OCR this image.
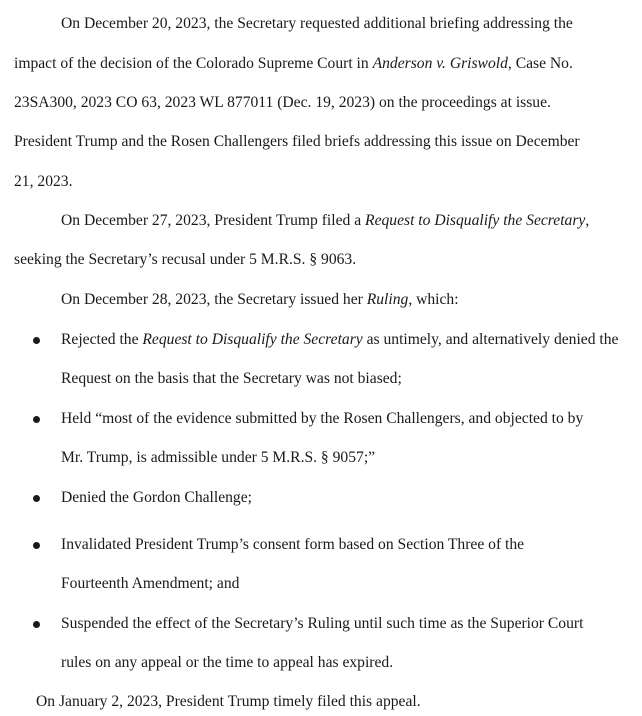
On December 20, 2023, the Secretary requested additional briefing addressing the
impact of the decision of the Colorado Supreme Court in Anderson v. Griswold, Case No.
23SA300, 2023 CO 63, 2023 WL 877011 (Dec. 19, 2023) on the proceedings at issue.
President Trump and the Rosen Challengers filed briefs addressing this issue on December
21, 2023.
On December 27, 2023, President Trump filed a Request to Disqualify the Secretary,
seeking the Secretary’s recusal under 5 M.R.S. § 9063.
On December 28, 2023, the Secretary issued her Ruling, which:
Rejected the Request to Disqualify the Secretary as untimely, and alternatively denied the
Request on the basis that the Secretary was not biased;
Held “most of the evidence submitted by the Rosen Challengers, and objected to by
Mr. Trump, is admissible under 5 M.R.S. § 9057;”
Denied the Gordon Challenge;
Invalidated President Trump’s consent form based on Section Three of the
Fourteenth Amendment; and
Suspended the effect of the Secretary’s Ruling until such time as the Superior Court
rules on any appeal or the time to appeal has expired.
On January 2, 2023, President Trump timely filed this appeal.
